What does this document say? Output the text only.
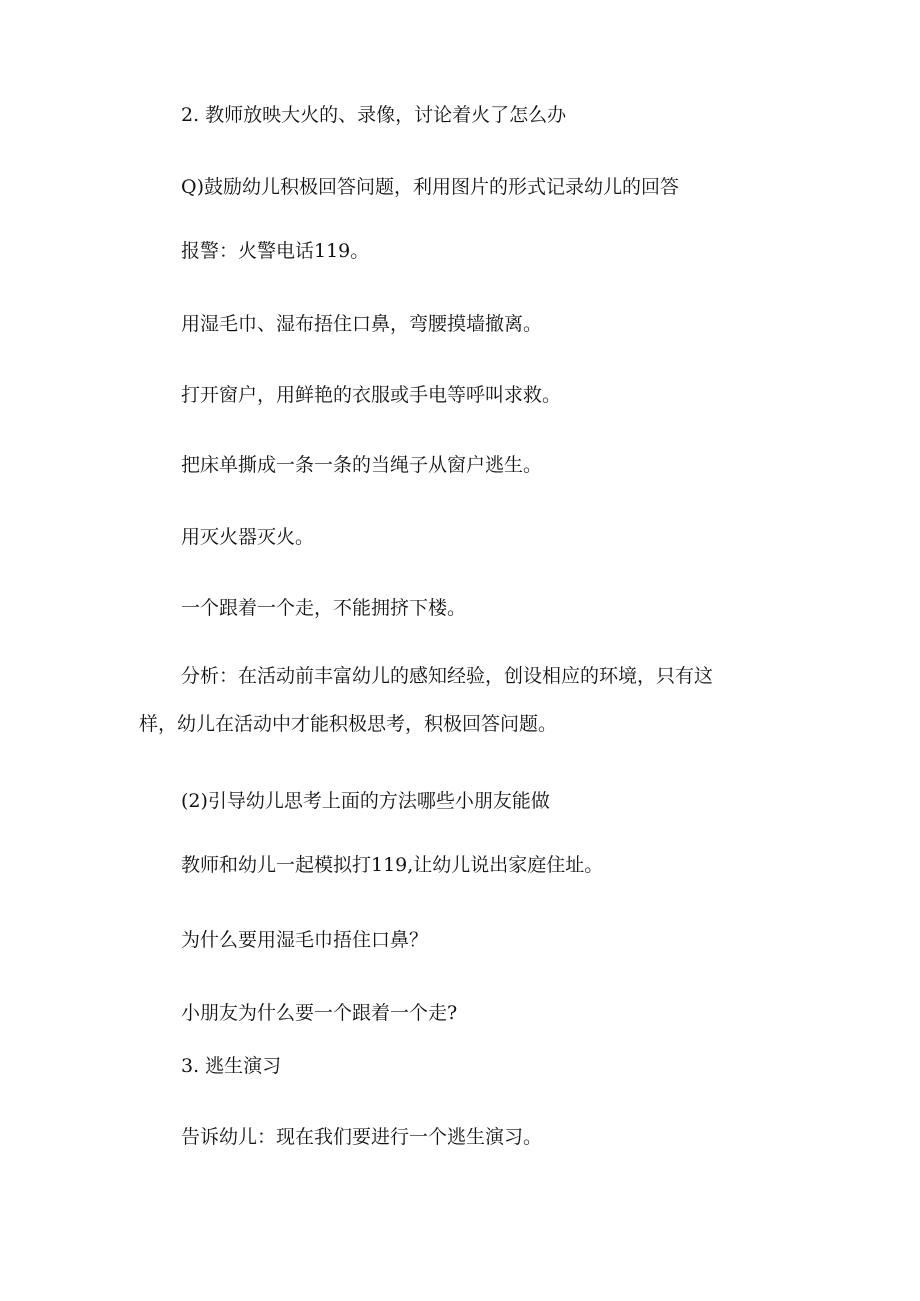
2. 教师放映大火的、录像，讨论着火了怎么办

Q)鼓励幼儿积极回答问题，利用图片的形式记录幼儿的回答

报警：火警电话119。

用湿毛巾、湿布捂住口鼻，弯腰摸墙撤离。

打开窗户，用鲜艳的衣服或手电等呼叫求救。

把床单撕成一条一条的当绳子从窗户逃生。

用灭火器灭火。

一个跟着一个走，不能拥挤下楼。

分析：在活动前丰富幼儿的感知经验，创设相应的环境，只有这

样，幼儿在活动中才能积极思考，积极回答问题。

(2)引导幼儿思考上面的方法哪些小朋友能做

教师和幼儿一起模拟打119,让幼儿说出家庭住址。

为什么要用湿毛巾捂住口鼻？

小朋友为什么要一个跟着一个走?

3. 逃生演习

告诉幼儿：现在我们要进行一个逃生演习。
